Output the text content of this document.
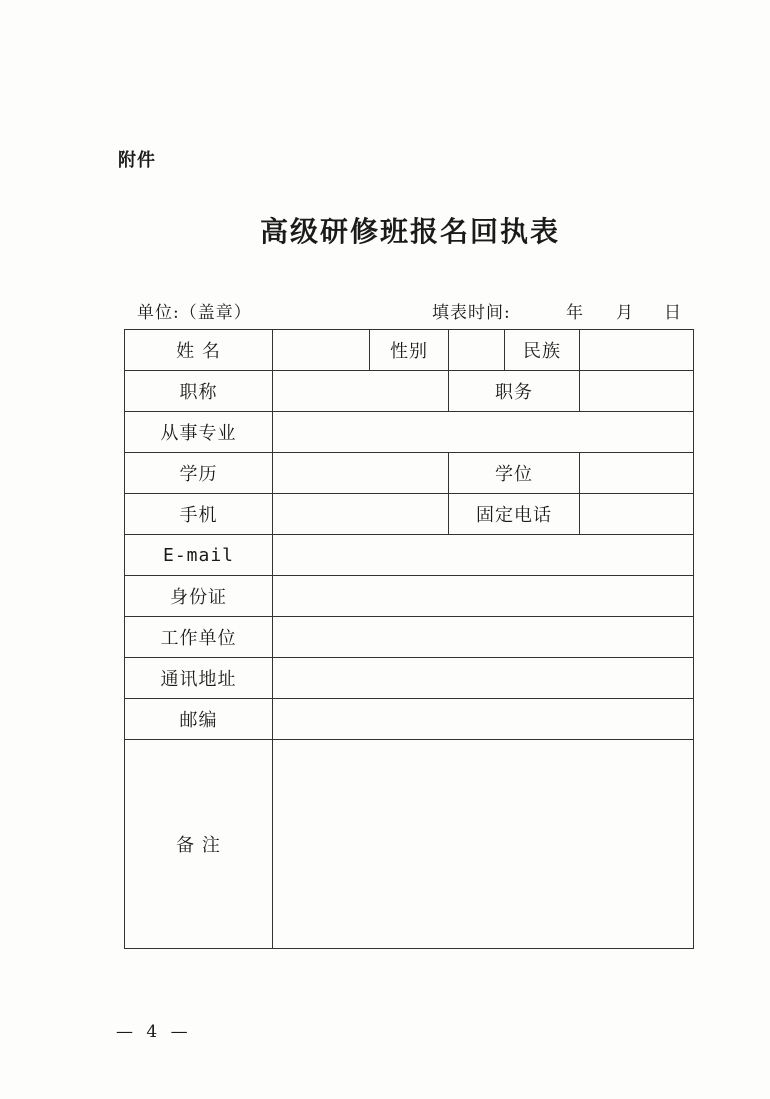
附件
高级研修班报名回执表
单位:（盖章）	填表时间:	年 月 日
姓 名		性别		民族	
职称			职务		
从事专业					
学历			学位		
手机			固定电话		
E-mail					
身份证					
工作单位					
通讯地址					
邮编					
备 注					
— 4 —
